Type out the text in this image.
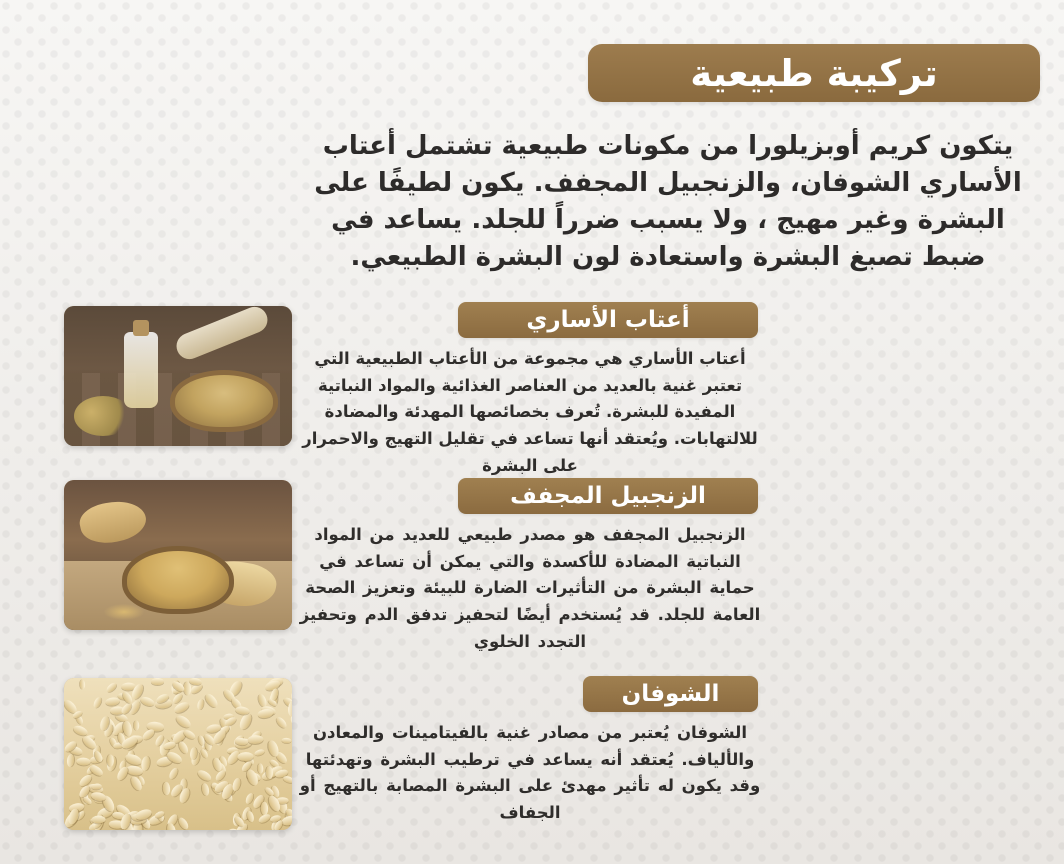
تركيبة طبيعية
يتكون كريم أوبزيلورا من مكونات طبيعية تشتمل أعتاب الأساري الشوفان، والزنجبيل المجفف. يكون لطيفًا على البشرة وغير مهيج ، ولا يسبب ضرراً للجلد. يساعد في ضبط تصبغ البشرة واستعادة لون البشرة الطبيعي.
أعتاب الأساري
أعتاب الأساري هي مجموعة من الأعتاب الطبيعية التي تعتبر غنية بالعديد من العناصر الغذائية والمواد النباتية المفيدة للبشرة. تُعرف بخصائصها المهدئة والمضادة للالتهابات. ويُعتقد أنها تساعد في تقليل التهيج والاحمرار على البشرة
الزنجبيل المجفف
الزنجبيل المجفف هو مصدر طبيعي للعديد من المواد النباتية المضادة للأكسدة والتي يمكن أن تساعد في حماية البشرة من التأثيرات الضارة للبيئة وتعزيز الصحة العامة للجلد. قد يُستخدم أيضًا لتحفيز تدفق الدم وتحفيز التجدد الخلوي
الشوفان
الشوفان يُعتبر من مصادر غنية بالفيتامينات والمعادن والألياف. يُعتقد أنه يساعد في ترطيب البشرة وتهدئتها وقد يكون له تأثير مهدئ على البشرة المصابة بالتهيج أو الجفاف
